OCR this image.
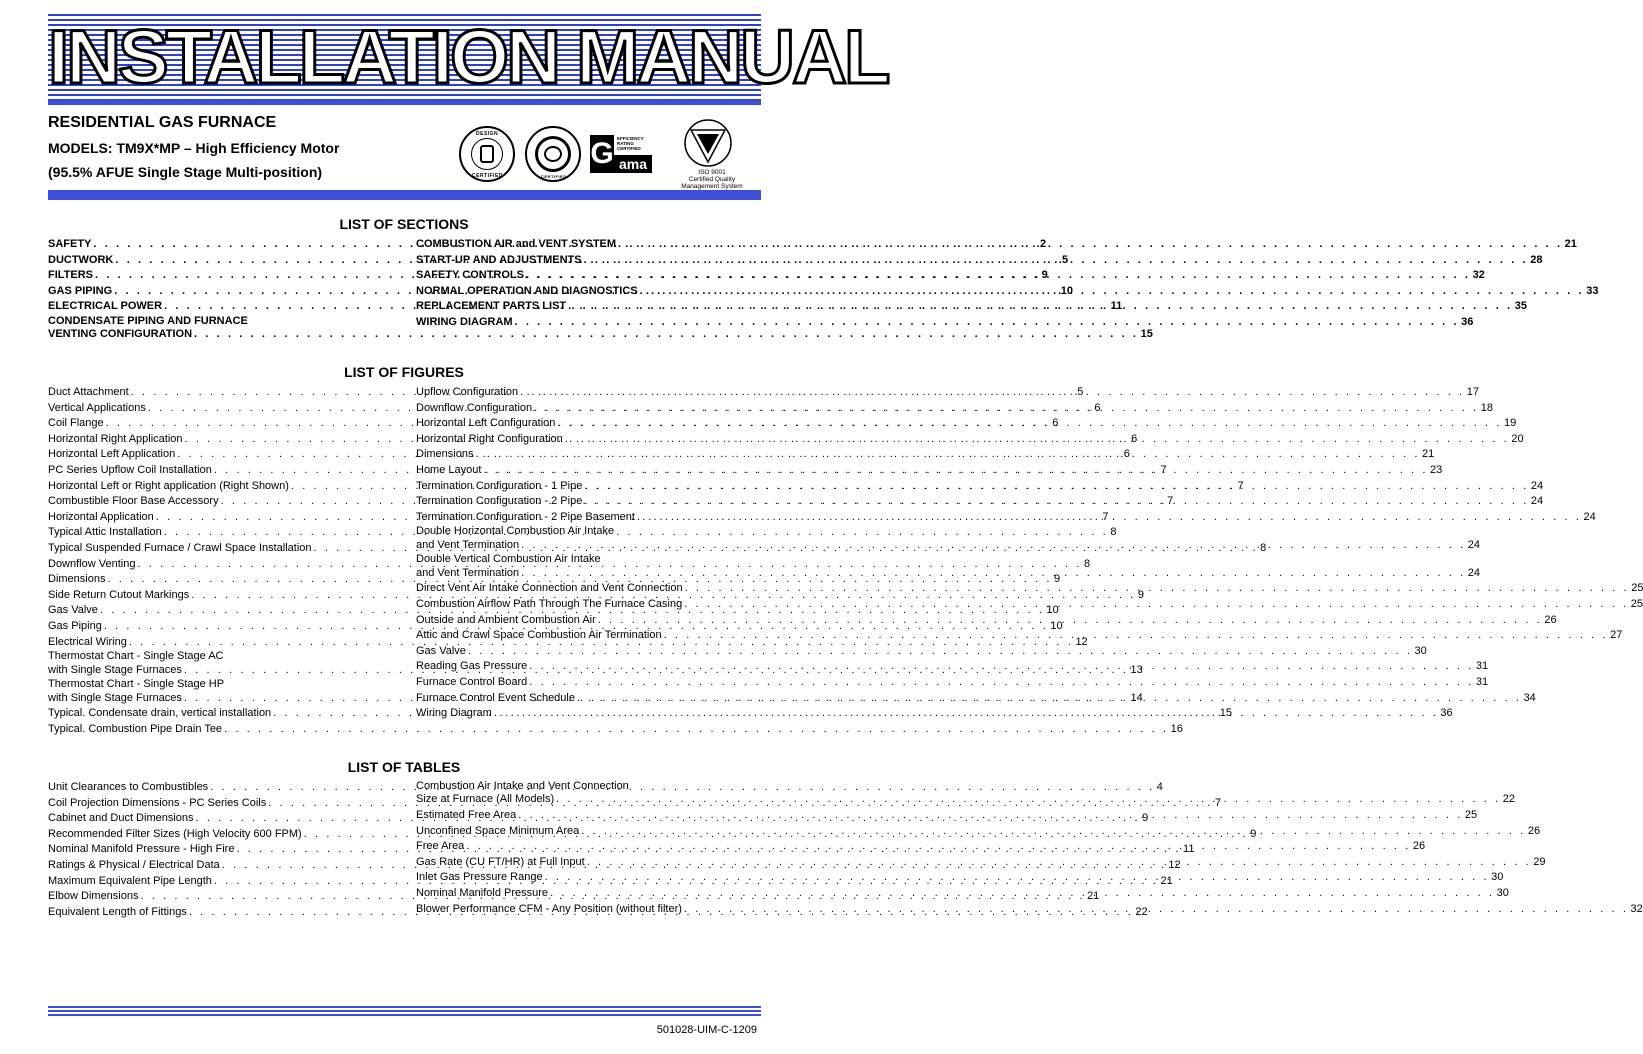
INSTALLATION MANUAL
RESIDENTIAL GAS FURNACE
MODELS: TM9X*MP – High Efficiency Motor
(95.5% AFUE Single Stage Multi-position)
DESIGN
CERTIFIED	CERTIFIED
G EFFICIENCY RATING CERTIFIED
ama
ISO 9001
Certified Quality
Management System
LIST OF SECTIONS
SAFETY . . .	2
DUCTWORK . . .	5
FILTERS . . .	9
GAS PIPING . . .	10
ELECTRICAL POWER . . .	11
CONDENSATE PIPING AND FURNACE
VENTING CONFIGURATION . . .	15
COMBUSTION AIR and VENT SYSTEM . . .	21
START-UP AND ADJUSTMENTS . . .	28
SAFETY CONTROLS . . .	32
NORMAL OPERATION AND DIAGNOSTICS . . .	33
REPLACEMENT PARTS LIST . . .	35
WIRING DIAGRAM . . .	36
LIST OF FIGURES
Duct Attachment . . .	5
Vertical Applications . . .	6
Coil Flange . . .	6
Horizontal Right Application . . .	6
Horizontal Left Application . . .	6
PC Series Upflow Coil Installation . . .	7
Horizontal Left or Right application (Right Shown) . . .	7
Combustible Floor Base Accessory . . .	7
Horizontal Application . . .	7
Typical Attic Installation . . .	8
Typical Suspended Furnace / Crawl Space Installation . . .	8
Downflow Venting . . .	8
Dimensions . . .	9
Side Return Cutout Markings . . .	9
Gas Valve . . .	10
Gas Piping . . .	10
Electrical Wiring . . .	12
Thermostat Chart - Single Stage AC
with Single Stage Furnaces . . .	13
Thermostat Chart - Single Stage HP
with Single Stage Furnaces . . .	14
Typical. Condensate drain, vertical installation . . .	15
Typical. Combustion Pipe Drain Tee . . .	16
Upflow Configuration . . .	17
Downflow Configuration . . .	18
Horizontal Left Configuration . . .	19
Horizontal Right Configuration . . .	20
Dimensions . . .	21
Home Layout . . .	23
Termination Configuration - 1 Pipe . . .	24
Termination Configuration - 2 Pipe . . .	24
Termination Configuration - 2 Pipe Basement . . .	24
Double Horizontal Combustion Air Intake
and Vent Termination . . .	24
Double Vertical Combustion Air Intake
and Vent Termination . . .	24
Direct Vent Air Intake Connection and Vent Connection . . .	25
Combustion Airflow Path Through The Furnace Casing . . .	25
Outside and Ambient Combustion Air . . .	26
Attic and Crawl Space Combustion Air Termination . . .	27
Gas Valve . . .	30
Reading Gas Pressure . . .	31
Furnace Control Board . . .	31
Furnace Control Event Schedule . . .	34
Wiring Diagram . . .	36
LIST OF TABLES
Unit Clearances to Combustibles . . .	4
Coil Projection Dimensions - PC Series Coils . . .	7
Cabinet and Duct Dimensions . . .	9
Recommended Filter Sizes (High Velocity 600 FPM) . . .	9
Nominal Manifold Pressure - High Fire . . .	11
Ratings & Physical / Electrical Data . . .	12
Maximum Equivalent Pipe Length . . .	21
Elbow Dimensions . . .	21
Equivalent Length of Fittings . . .	22
Combustion Air Intake and Vent Connection
Size at Furnace (All Models) . . .	22
Estimated Free Area . . .	25
Unconfined Space Minimum Area . . .	26
Free Area . . .	26
Gas Rate (CU FT/HR) at Full Input . . .	29
Inlet Gas Pressure Range . . .	30
Nominal Manifold Pressure . . .	30
Blower Performance CFM - Any Position (without filter) . . .	32
501028-UIM-C-1209
